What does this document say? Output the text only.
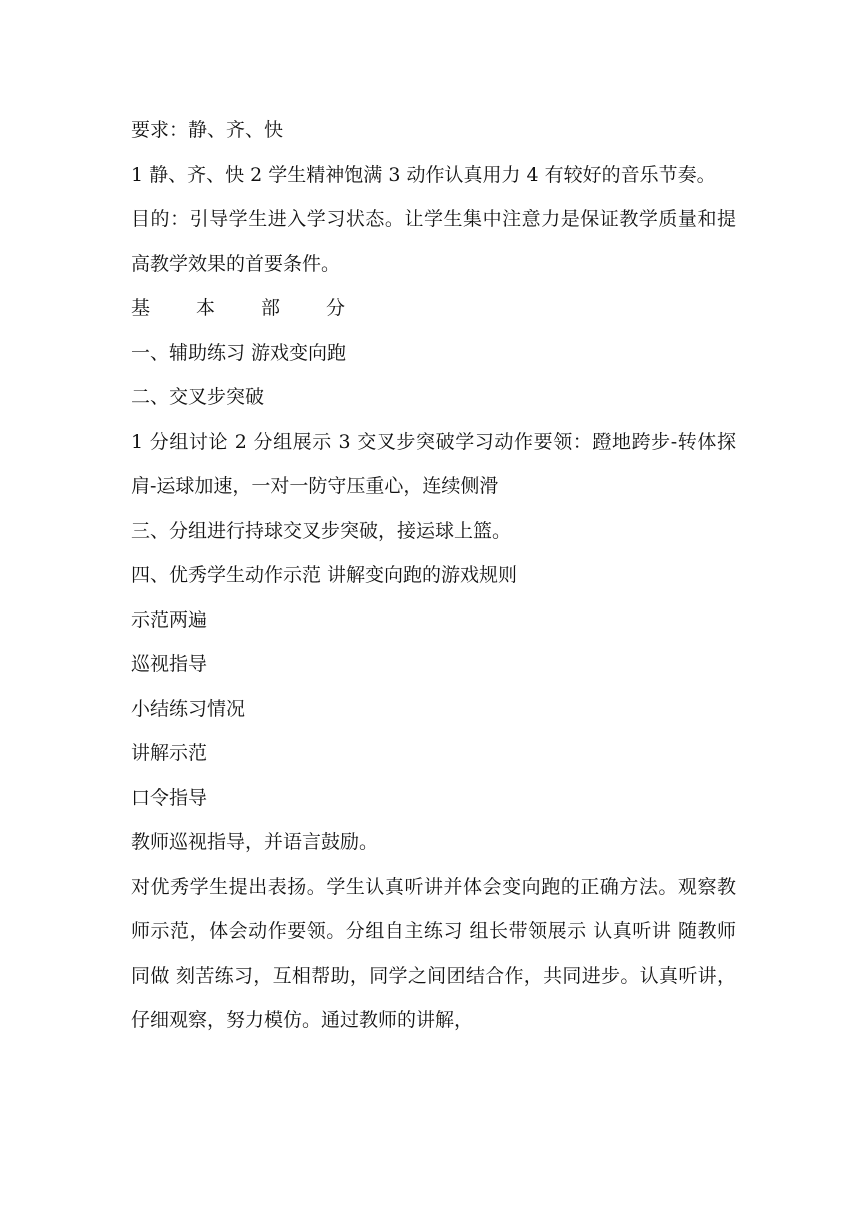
要求：静、齐、快

1 静、齐、快 2 学生精神饱满 3 动作认真用力 4 有较好的音乐节奏。

目的：引导学生进入学习状态。让学生集中注意力是保证教学质量和提高教学效果的首要条件。

基 本 部 分

一、辅助练习 游戏变向跑

二、交叉步突破

1 分组讨论 2 分组展示 3 交叉步突破学习动作要领：蹬地跨步-转体探肩-运球加速，一对一防守压重心，连续侧滑

三、分组进行持球交叉步突破，接运球上篮。

四、优秀学生动作示范 讲解变向跑的游戏规则

示范两遍

巡视指导

小结练习情况

讲解示范

口令指导

教师巡视指导，并语言鼓励。

对优秀学生提出表扬。学生认真听讲并体会变向跑的正确方法。观察教师示范，体会动作要领。分组自主练习 组长带领展示 认真听讲 随教师同做 刻苦练习，互相帮助，同学之间团结合作，共同进步。认真听讲，仔细观察，努力模仿。通过教师的讲解，
